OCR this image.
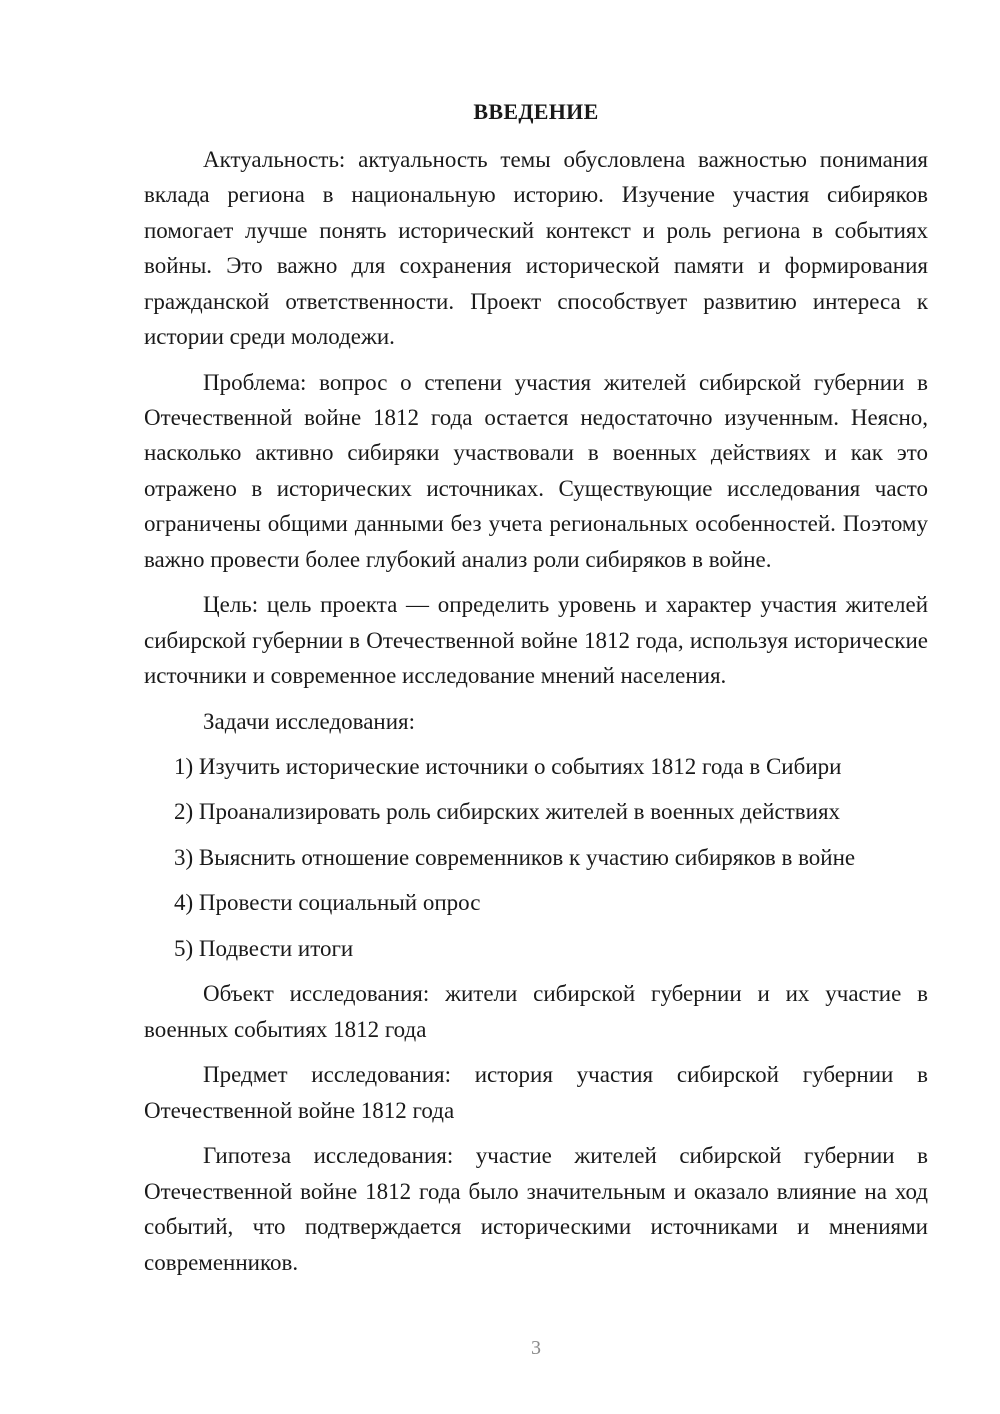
ВВЕДЕНИЕ

Актуальность: актуальность темы обусловлена важностью понимания вклада региона в национальную историю. Изучение участия сибиряков помогает лучше понять исторический контекст и роль региона в событиях войны. Это важно для сохранения исторической памяти и формирования гражданской ответственности. Проект способствует развитию интереса к истории среди молодежи.

Проблема: вопрос о степени участия жителей сибирской губернии в Отечественной войне 1812 года остается недостаточно изученным. Неясно, насколько активно сибиряки участвовали в военных действиях и как это отражено в исторических источниках. Существующие исследования часто ограничены общими данными без учета региональных особенностей. Поэтому важно провести более глубокий анализ роли сибиряков в войне.

Цель: цель проекта — определить уровень и характер участия жителей сибирской губернии в Отечественной войне 1812 года, используя исторические источники и современное исследование мнений населения.

Задачи исследования:
1) Изучить исторические источники о событиях 1812 года в Сибири
2) Проанализировать роль сибирских жителей в военных действиях
3) Выяснить отношение современников к участию сибиряков в войне
4) Провести социальный опрос
5) Подвести итоги

Объект исследования: жители сибирской губернии и их участие в военных событиях 1812 года

Предмет исследования: история участия сибирской губернии в Отечественной войне 1812 года

Гипотеза исследования: участие жителей сибирской губернии в Отечественной войне 1812 года было значительным и оказало влияние на ход событий, что подтверждается историческими источниками и мнениями современников.

3
